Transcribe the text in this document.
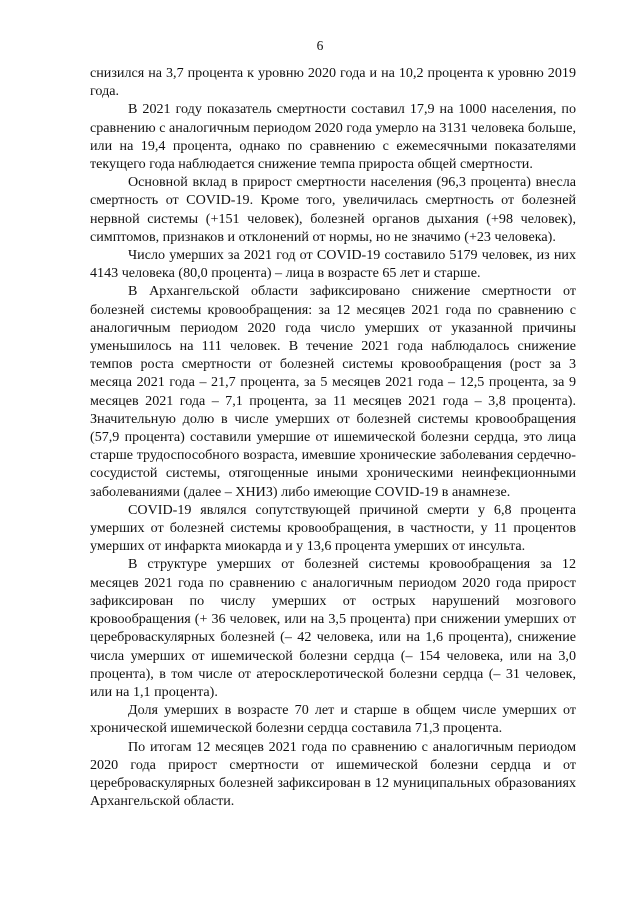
6

снизился на 3,7 процента к уровню 2020 года и на 10,2 процента к уровню 2019 года.

В 2021 году показатель смертности составил 17,9 на 1000 населения, по сравнению с аналогичным периодом 2020 года умерло на 3131 человека больше, или на 19,4 процента, однако по сравнению с ежемесячными показателями текущего года наблюдается снижение темпа прироста общей смертности.

Основной вклад в прирост смертности населения (96,3 процента) внесла смертность от COVID-19. Кроме того, увеличилась смертность от болезней нервной системы (+151 человек), болезней органов дыхания (+98 человек), симптомов, признаков и отклонений от нормы, но не значимо (+23 человека).

Число умерших за 2021 год от COVID-19 составило 5179 человек, из них 4143 человека (80,0 процента) – лица в возрасте 65 лет и старше.

В Архангельской области зафиксировано снижение смертности от болезней системы кровообращения: за 12 месяцев 2021 года по сравнению с аналогичным периодом 2020 года число умерших от указанной причины уменьшилось на 111 человек. В течение 2021 года наблюдалось снижение темпов роста смертности от болезней системы кровообращения (рост за 3 месяца 2021 года – 21,7 процента, за 5 месяцев 2021 года – 12,5 процента, за 9 месяцев 2021 года – 7,1 процента, за 11 месяцев 2021 года – 3,8 процента). Значительную долю в числе умерших от болезней системы кровообращения (57,9 процента) составили умершие от ишемической болезни сердца, это лица старше трудоспособного возраста, имевшие хронические заболевания сердечно-сосудистой системы, отягощенные иными хроническими неинфекционными заболеваниями (далее – ХНИЗ) либо имеющие COVID-19 в анамнезе.

COVID-19 являлся сопутствующей причиной смерти у 6,8 процента умерших от болезней системы кровообращения, в частности, у 11 процентов умерших от инфаркта миокарда и у 13,6 процента умерших от инсульта.

В структуре умерших от болезней системы кровообращения за 12 месяцев 2021 года по сравнению с аналогичным периодом 2020 года прирост зафиксирован по числу умерших от острых нарушений мозгового кровообращения (+ 36 человек, или на 3,5 процента) при снижении умерших от цереброваскулярных болезней (– 42 человека, или на 1,6 процента), снижение числа умерших от ишемической болезни сердца (– 154 человека, или на 3,0 процента), в том числе от атеросклеротической болезни сердца (– 31 человек, или на 1,1 процента).

Доля умерших в возрасте 70 лет и старше в общем числе умерших от хронической ишемической болезни сердца составила 71,3 процента.

По итогам 12 месяцев 2021 года по сравнению с аналогичным периодом 2020 года прирост смертности от ишемической болезни сердца и от цереброваскулярных болезней зафиксирован в 12 муниципальных образованиях Архангельской области.
